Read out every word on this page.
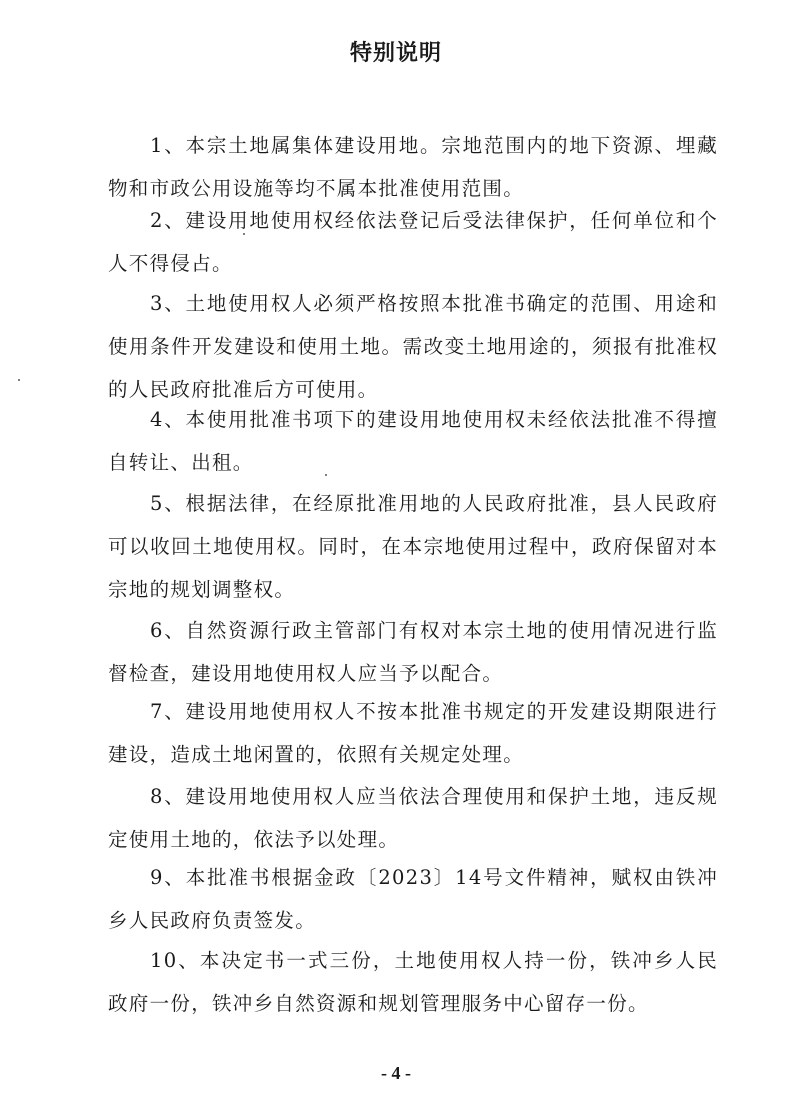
特别说明
1、本宗土地属集体建设用地。宗地范围内的地下资源、埋藏物和市政公用设施等均不属本批准使用范围。
2、建设用地使用权经依法登记后受法律保护，任何单位和个人不得侵占。
3、土地使用权人必须严格按照本批准书确定的范围、用途和使用条件开发建设和使用土地。需改变土地用途的，须报有批准权的人民政府批准后方可使用。
4、本使用批准书项下的建设用地使用权未经依法批准不得擅自转让、出租。
5、根据法律，在经原批准用地的人民政府批准，县人民政府可以收回土地使用权。同时，在本宗地使用过程中，政府保留对本宗地的规划调整权。
6、自然资源行政主管部门有权对本宗土地的使用情况进行监督检查，建设用地使用权人应当予以配合。
7、建设用地使用权人不按本批准书规定的开发建设期限进行建设，造成土地闲置的，依照有关规定处理。
8、建设用地使用权人应当依法合理使用和保护土地，违反规定使用土地的，依法予以处理。
9、本批准书根据金政〔2023〕14号文件精神，赋权由铁冲乡人民政府负责签发。
10、本决定书一式三份，土地使用权人持一份，铁冲乡人民政府一份，铁冲乡自然资源和规划管理服务中心留存一份。
- 4 -
